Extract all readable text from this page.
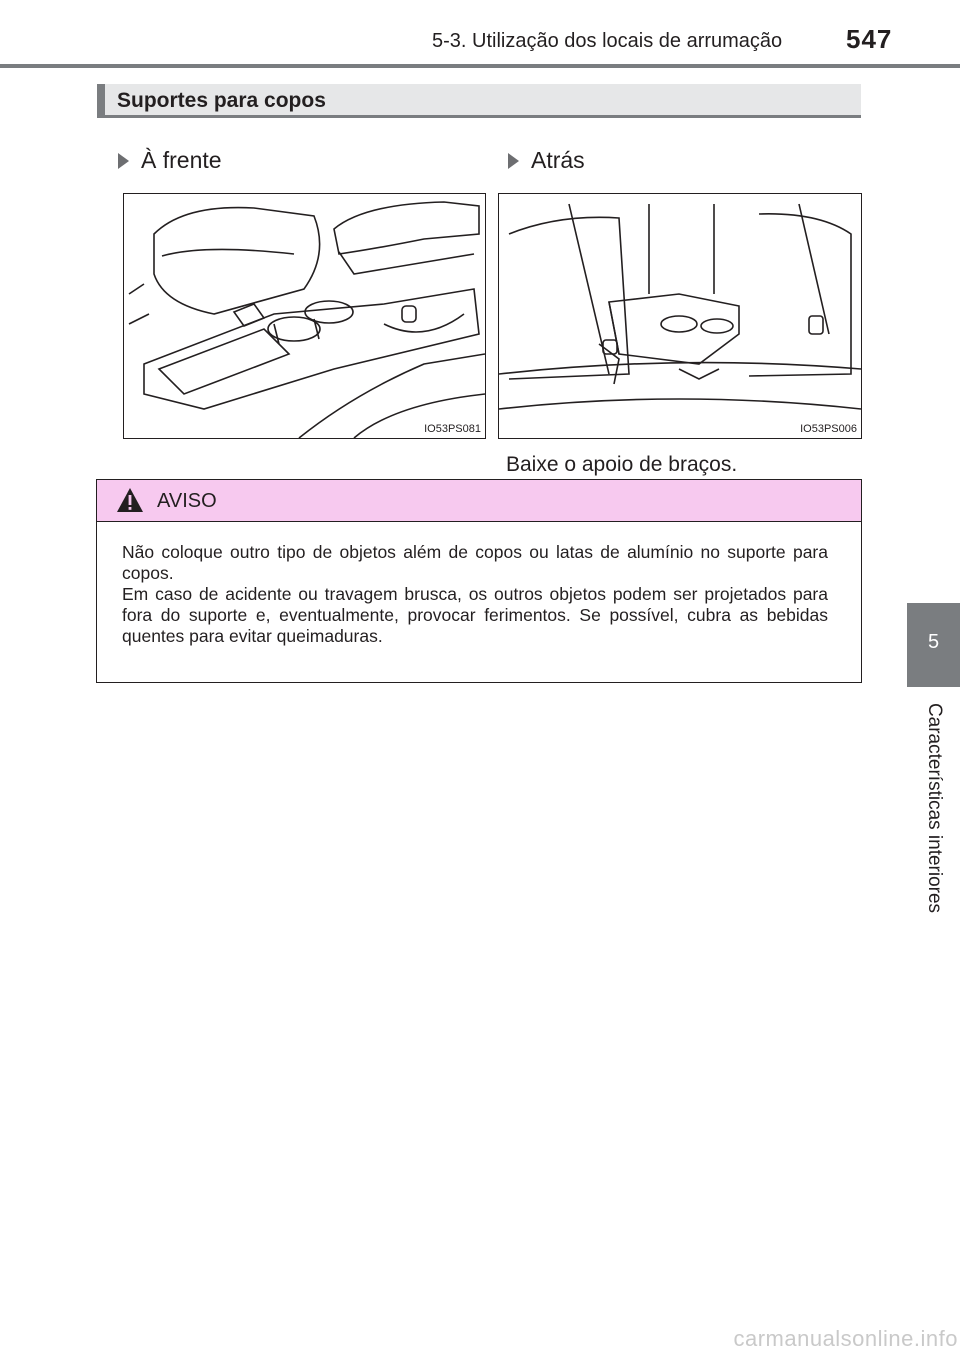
5-3. Utilização dos locais de arrumação 547
5
Características interiores
Suportes para copos
À frente	Atrás
IO53PS081	IO53PS006
Baixe o apoio de braços.
AVISO

Não coloque outro tipo de objetos além de copos ou latas de alumínio no suporte para copos.

Em caso de acidente ou travagem brusca, os outros objetos podem ser projetados para fora do suporte e, eventualmente, provocar ferimentos. Se possível, cubra as bebidas quentes para evitar queimaduras.

carmanualsonline.info
